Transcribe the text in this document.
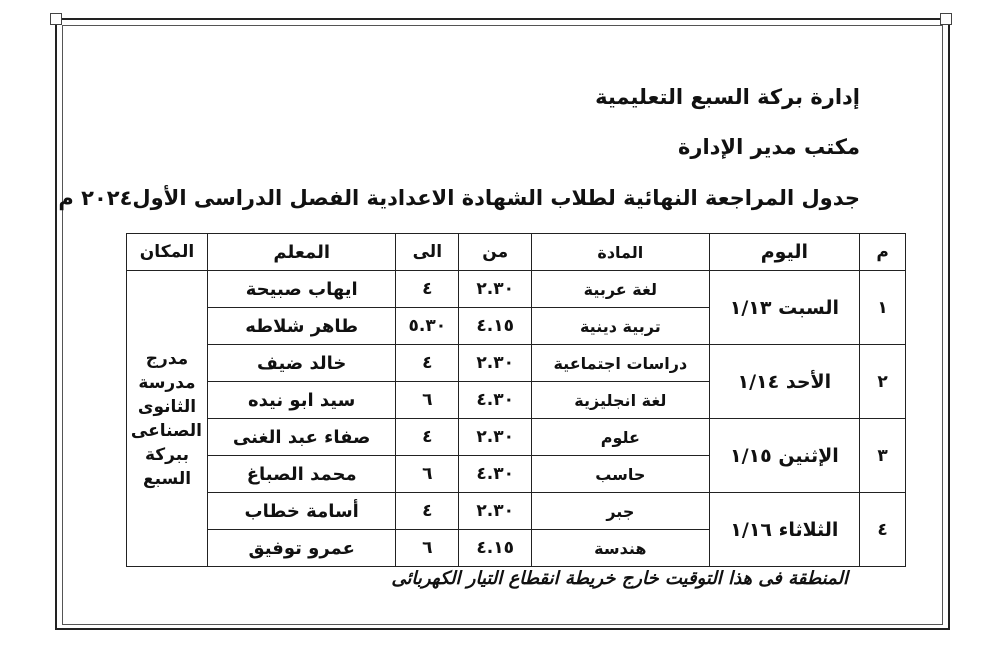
إدارة بركة السبع التعليمية
مكتب مدير الإدارة
جدول المراجعة النهائية لطلاب الشهادة الاعدادية الفصل الدراسى الأول٢٠٢٤ م
م	اليوم	المادة	من	الى	المعلم	المكان
١	السبت ١/١٣	لغة عربية	٢.٣٠	٤	ايهاب صبيحة	مدرج مدرسة الثانوى الصناعى ببركة السبع

		تربية دينية	٤.١٥	٥.٣٠	طاهر شلاطه	
٢	الأحد ١/١٤	دراسات اجتماعية	٢.٣٠	٤	خالد ضيف	
		لغة انجليزية	٤.٣٠	٦	سيد ابو نيده	
٣	الإثنين ١/١٥	علوم	٢.٣٠	٤	صفاء عبد الغنى	
		حاسب	٤.٣٠	٦	محمد الصباغ	
٤	الثلاثاء ١/١٦	جبر	٢.٣٠	٤	أسامة خطاب	
		هندسة	٤.١٥	٦	عمرو توفيق	
المنطقة فى هذا التوقيت خارج خريطة انقطاع التيار الكهربائى
